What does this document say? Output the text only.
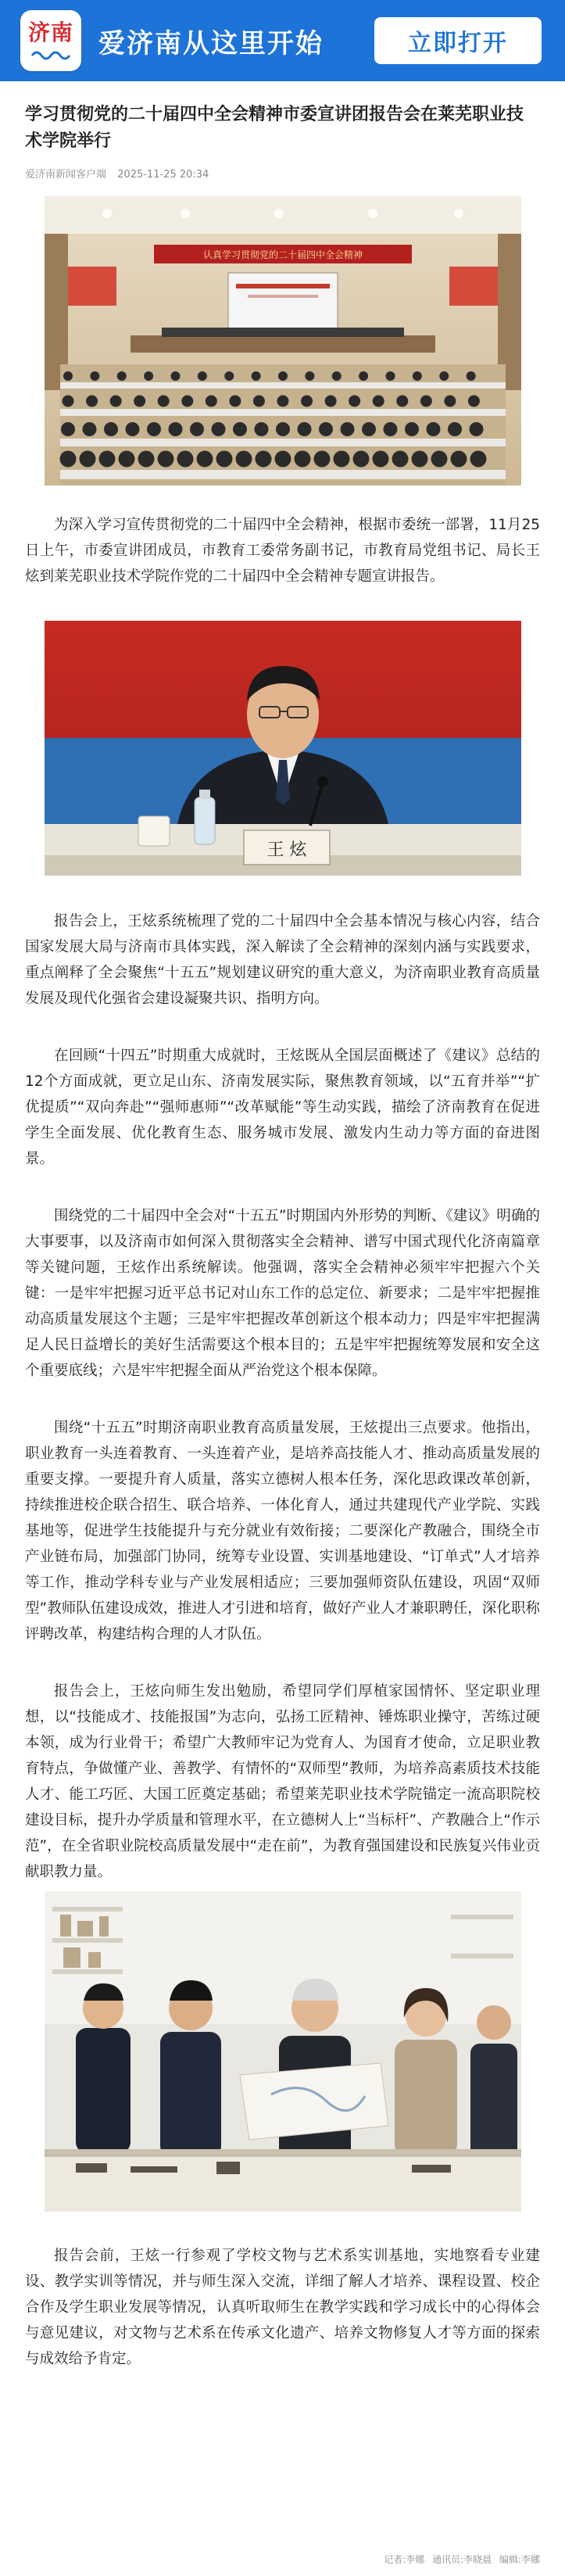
济南 爱济南从这里开始	立即打开
学习贯彻党的二十届四中全会精神市委宣讲团报告会在莱芜职业技术学院举行
爱济南新闻客户端 2025-11-25 20:34
认真学习贯彻党的二十届四中全会精神

为深入学习宣传贯彻党的二十届四中全会精神，根据市委统一部署，11月25日上午，市委宣讲团成员，市教育工委常务副书记，市教育局党组书记、局长王炫到莱芜职业技术学院作党的二十届四中全会精神专题宣讲报告。

王 炫

报告会上，王炫系统梳理了党的二十届四中全会基本情况与核心内容，结合国家发展大局与济南市具体实践，深入解读了全会精神的深刻内涵与实践要求，重点阐释了全会聚焦“十五五”规划建议研究的重大意义，为济南职业教育高质量发展及现代化强省会建设凝聚共识、指明方向。

在回顾“十四五”时期重大成就时，王炫既从全国层面概述了《建议》总结的12个方面成就，更立足山东、济南发展实际，聚焦教育领域，以“五育并举”“扩优提质”“双向奔赴”“强师惠师”“改革赋能”等生动实践，描绘了济南教育在促进学生全面发展、优化教育生态、服务城市发展、激发内生动力等方面的奋进图景。

围绕党的二十届四中全会对“十五五”时期国内外形势的判断、《建议》明确的大事要事，以及济南市如何深入贯彻落实全会精神、谱写中国式现代化济南篇章等关键问题，王炫作出系统解读。他强调，落实全会精神必须牢牢把握六个关键：一是牢牢把握习近平总书记对山东工作的总定位、新要求；二是牢牢把握推动高质量发展这个主题；三是牢牢把握改革创新这个根本动力；四是牢牢把握满足人民日益增长的美好生活需要这个根本目的；五是牢牢把握统筹发展和安全这个重要底线；六是牢牢把握全面从严治党这个根本保障。

围绕“十五五”时期济南职业教育高质量发展，王炫提出三点要求。他指出，职业教育一头连着教育、一头连着产业，是培养高技能人才、推动高质量发展的重要支撑。一要提升育人质量，落实立德树人根本任务，深化思政课改革创新，持续推进校企联合招生、联合培养、一体化育人，通过共建现代产业学院、实践基地等，促进学生技能提升与充分就业有效衔接；二要深化产教融合，围绕全市产业链布局，加强部门协同，统筹专业设置、实训基地建设、“订单式”人才培养等工作，推动学科专业与产业发展相适应；三要加强师资队伍建设，巩固“双师型”教师队伍建设成效，推进人才引进和培育，做好产业人才兼职聘任，深化职称评聘改革，构建结构合理的人才队伍。

报告会上，王炫向师生发出勉励，希望同学们厚植家国情怀、坚定职业理想，以“技能成才、技能报国”为志向，弘扬工匠精神、锤炼职业操守，苦练过硬本领，成为行业骨干；希望广大教师牢记为党育人、为国育才使命，立足职业教育特点，争做懂产业、善教学、有情怀的“双师型”教师，为培养高素质技术技能人才、能工巧匠、大国工匠奠定基础；希望莱芜职业技术学院锚定一流高职院校建设目标，提升办学质量和管理水平，在立德树人上“当标杆”、产教融合上“作示范”，在全省职业院校高质量发展中“走在前”，为教育强国建设和民族复兴伟业贡献职教力量。

报告会前，王炫一行参观了学校文物与艺术系实训基地，实地察看专业建设、教学实训等情况，并与师生深入交流，详细了解人才培养、课程设置、校企合作及学生职业发展等情况，认真听取师生在教学实践和学习成长中的心得体会与意见建议，对文物与艺术系在传承文化遗产、培养文物修复人才等方面的探索与成效给予肯定。

记者:李娜 通讯员:李晓晨 编辑:李娜
